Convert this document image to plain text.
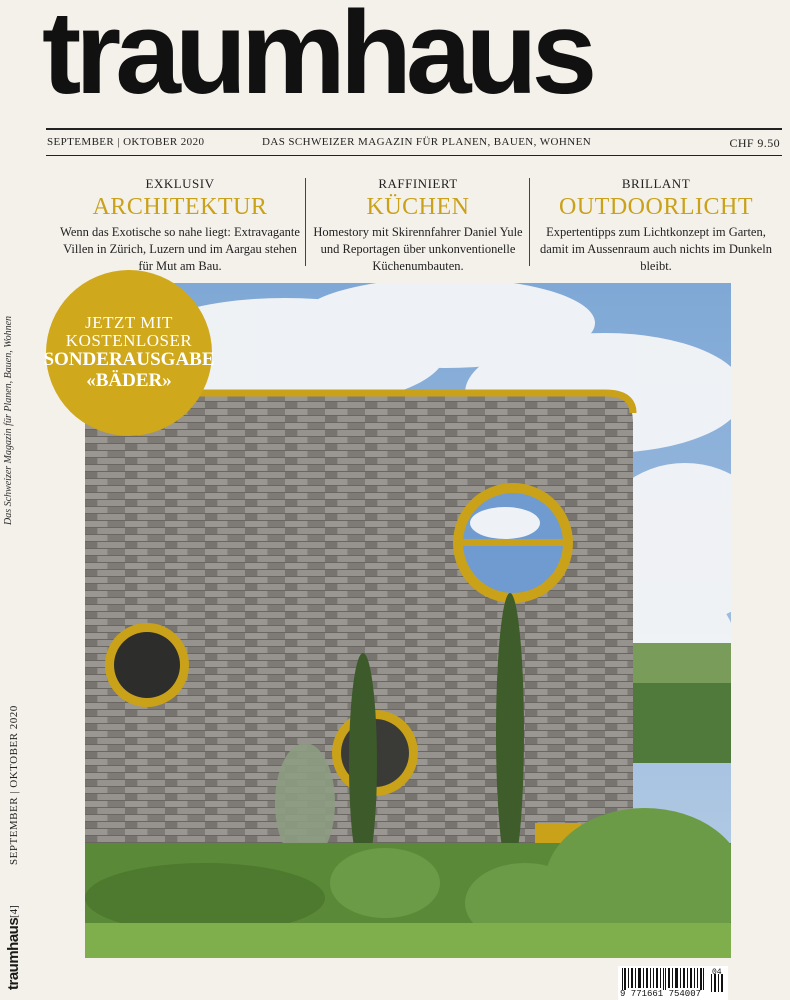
Das Schweizer Magazin für Planen, Bauen, Wohnen
SEPTEMBER | OKTOBER 2020
[4]
traumhaus
traumhaus
SEPTEMBER | OKTOBER 2020	DAS SCHWEIZER MAGAZIN FÜR PLANEN, BAUEN, WOHNEN	CHF 9.50
EXKLUSIV
ARCHITEKTUR
Wenn das Exotische so nahe liegt: Extravagante Villen in Zürich, Luzern und im Aargau stehen für Mut am Bau.
RAFFINIERT
KÜCHEN
Homestory mit Skirennfahrer Daniel Yule und Reportagen über unkonventionelle Küchenumbauten.
BRILLANT
OUTDOORLICHT
Expertentipps zum Lichtkonzept im Garten, damit im Aussenraum auch nichts im Dunkeln bleibt.
JETZT MIT
KOSTENLOSER
SONDERAUSGABE
«BÄDER»
9 771661 754007
04
